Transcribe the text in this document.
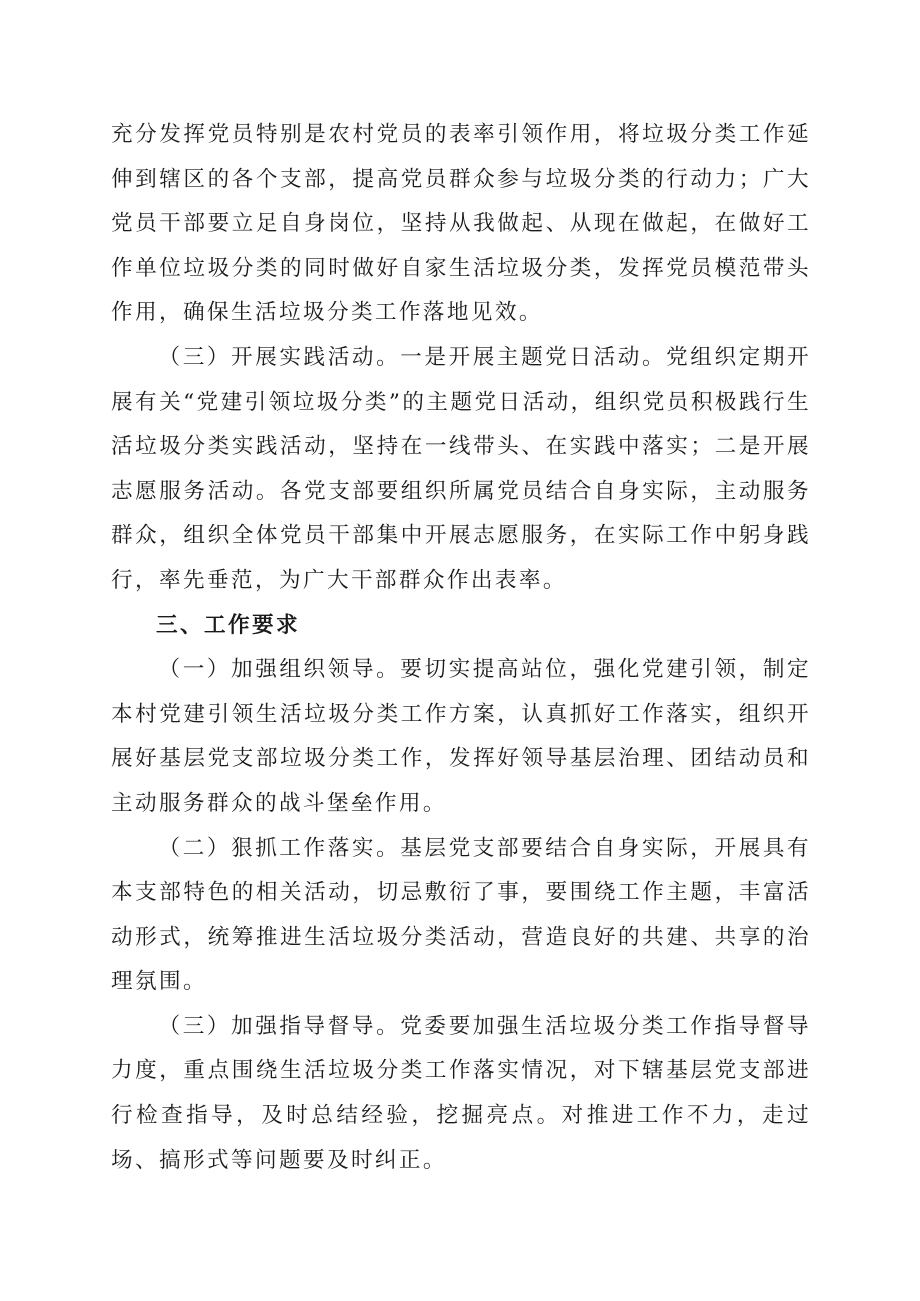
充分发挥党员特别是农村党员的表率引领作用，将垃圾分类工作延伸到辖区的各个支部，提高党员群众参与垃圾分类的行动力；广大党员干部要立足自身岗位，坚持从我做起、从现在做起，在做好工作单位垃圾分类的同时做好自家生活垃圾分类，发挥党员模范带头作用，确保生活垃圾分类工作落地见效。

（三）开展实践活动。一是开展主题党日活动。党组织定期开展有关“党建引领垃圾分类”的主题党日活动，组织党员积极践行生活垃圾分类实践活动，坚持在一线带头、在实践中落实；二是开展志愿服务活动。各党支部要组织所属党员结合自身实际，主动服务群众，组织全体党员干部集中开展志愿服务，在实际工作中躬身践行，率先垂范，为广大干部群众作出表率。

三、工作要求

（一）加强组织领导。要切实提高站位，强化党建引领，制定本村党建引领生活垃圾分类工作方案，认真抓好工作落实，组织开展好基层党支部垃圾分类工作，发挥好领导基层治理、团结动员和主动服务群众的战斗堡垒作用。

（二）狠抓工作落实。基层党支部要结合自身实际，开展具有本支部特色的相关活动，切忌敷衍了事，要围绕工作主题，丰富活动形式，统筹推进生活垃圾分类活动，营造良好的共建、共享的治理氛围。

（三）加强指导督导。党委要加强生活垃圾分类工作指导督导力度，重点围绕生活垃圾分类工作落实情况，对下辖基层党支部进行检查指导，及时总结经验，挖掘亮点。对推进工作不力，走过场、搞形式等问题要及时纠正。
